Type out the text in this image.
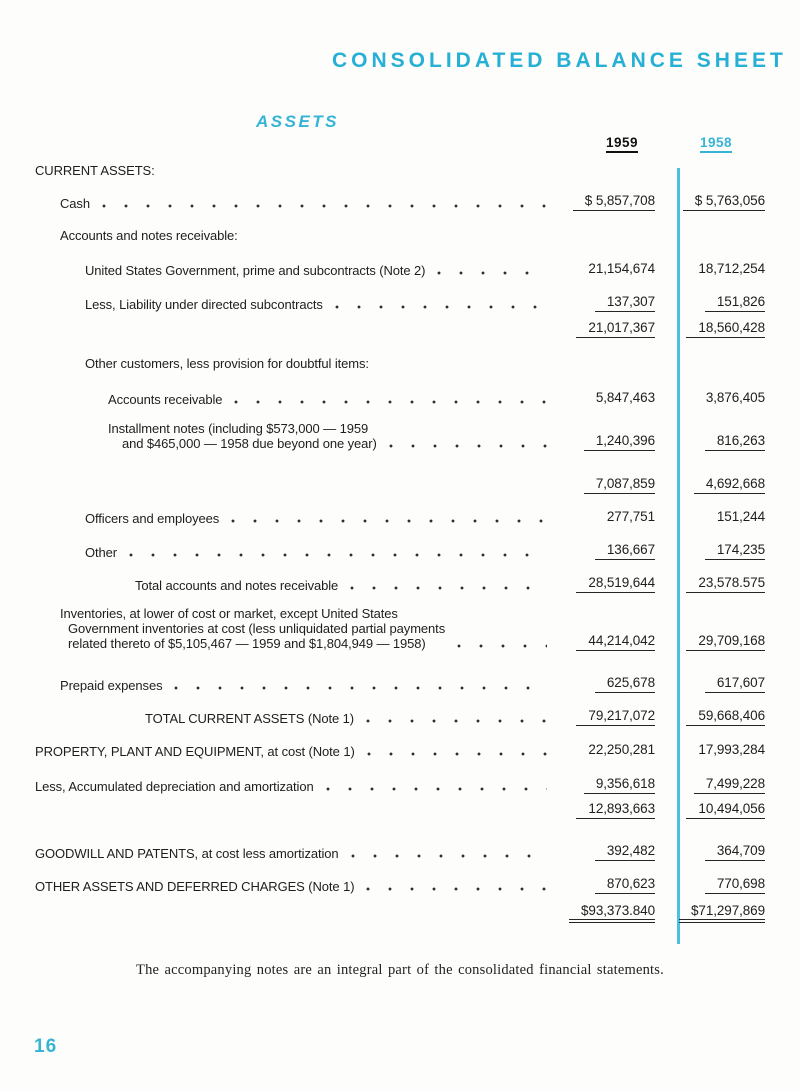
CONSOLIDATED BALANCE SHEET
ASSETS
1959	1958
CURRENT ASSETS:
Cash	$ 5,857,708	$ 5,763,056
Accounts and notes receivable:
United States Government, prime and subcontracts (Note 2)	21,154,674	18,712,254
Less, Liability under directed subcontracts	137,307	151,826
21,017,367	18,560,428
Other customers, less provision for doubtful items:
Accounts receivable	5,847,463	3,876,405
Installment notes (including $573,000 — 1959
and $465,000 — 1958 due beyond one year)	1,240,396	816,263
7,087,859	4,692,668
Officers and employees	277,751	151,244
Other	136,667	174,235
Total accounts and notes receivable	28,519,644	23,578.575
Inventories, at lower of cost or market, except United States
Government inventories at cost (less unliquidated partial payments
related thereto of $5,105,467 — 1959 and $1,804,949 — 1958)	44,214,042	29,709,168
Prepaid expenses	625,678	617,607
TOTAL CURRENT ASSETS (Note 1)	79,217,072	59,668,406
PROPERTY, PLANT AND EQUIPMENT, at cost (Note 1)	22,250,281	17,993,284
Less, Accumulated depreciation and amortization	9,356,618	7,499,228
12,893,663	10,494,056
GOODWILL AND PATENTS, at cost less amortization	392,482	364,709
OTHER ASSETS AND DEFERRED CHARGES (Note 1)	870,623	770,698
$93,373.840	$71,297,869
The accompanying notes are an integral part of the consolidated financial statements.
16
